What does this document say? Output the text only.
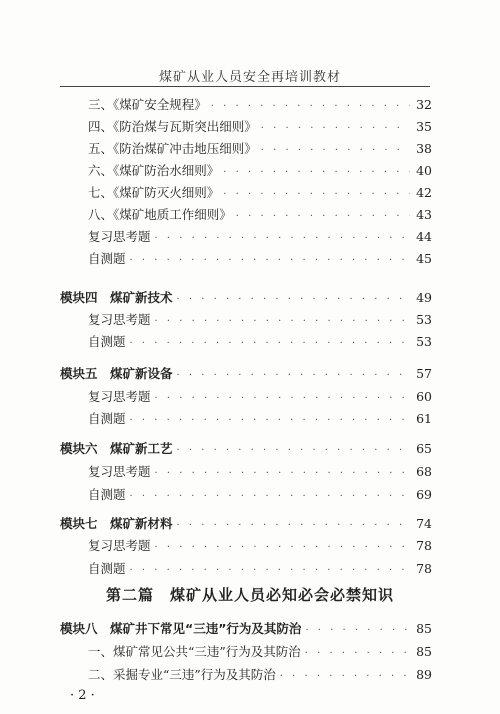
煤矿从业人员安全再培训教材
三、《煤矿安全规程》 · · ·	32
四、《防治煤与瓦斯突出细则》 · · ·	35
五、《防治煤矿冲击地压细则》 · · ·	38
六、《煤矿防治水细则》 · · ·	40
七、《煤矿防灭火细则》 · · ·	42
八、《煤矿地质工作细则》 · · ·	43
复习思考题 · · ·	44
自测题 · · ·	45
模块四　煤矿新技术 · · ·	49
复习思考题 · · ·	53
自测题 · · ·	53
模块五　煤矿新设备 · · ·	57
复习思考题 · · ·	60
自测题 · · ·	61
模块六　煤矿新工艺 · · ·	65
复习思考题 · · ·	68
自测题 · · ·	69
模块七　煤矿新材料 · · ·	74
复习思考题 · · ·	78
自测题 · · ·	78
第二篇　煤矿从业人员必知必会必禁知识
模块八　煤矿井下常见“三违”行为及其防治 · · ·	85
一、煤矿常见公共“三违”行为及其防治 · · ·	85
二、采掘专业“三违”行为及其防治 · · ·	89
· 2 ·
